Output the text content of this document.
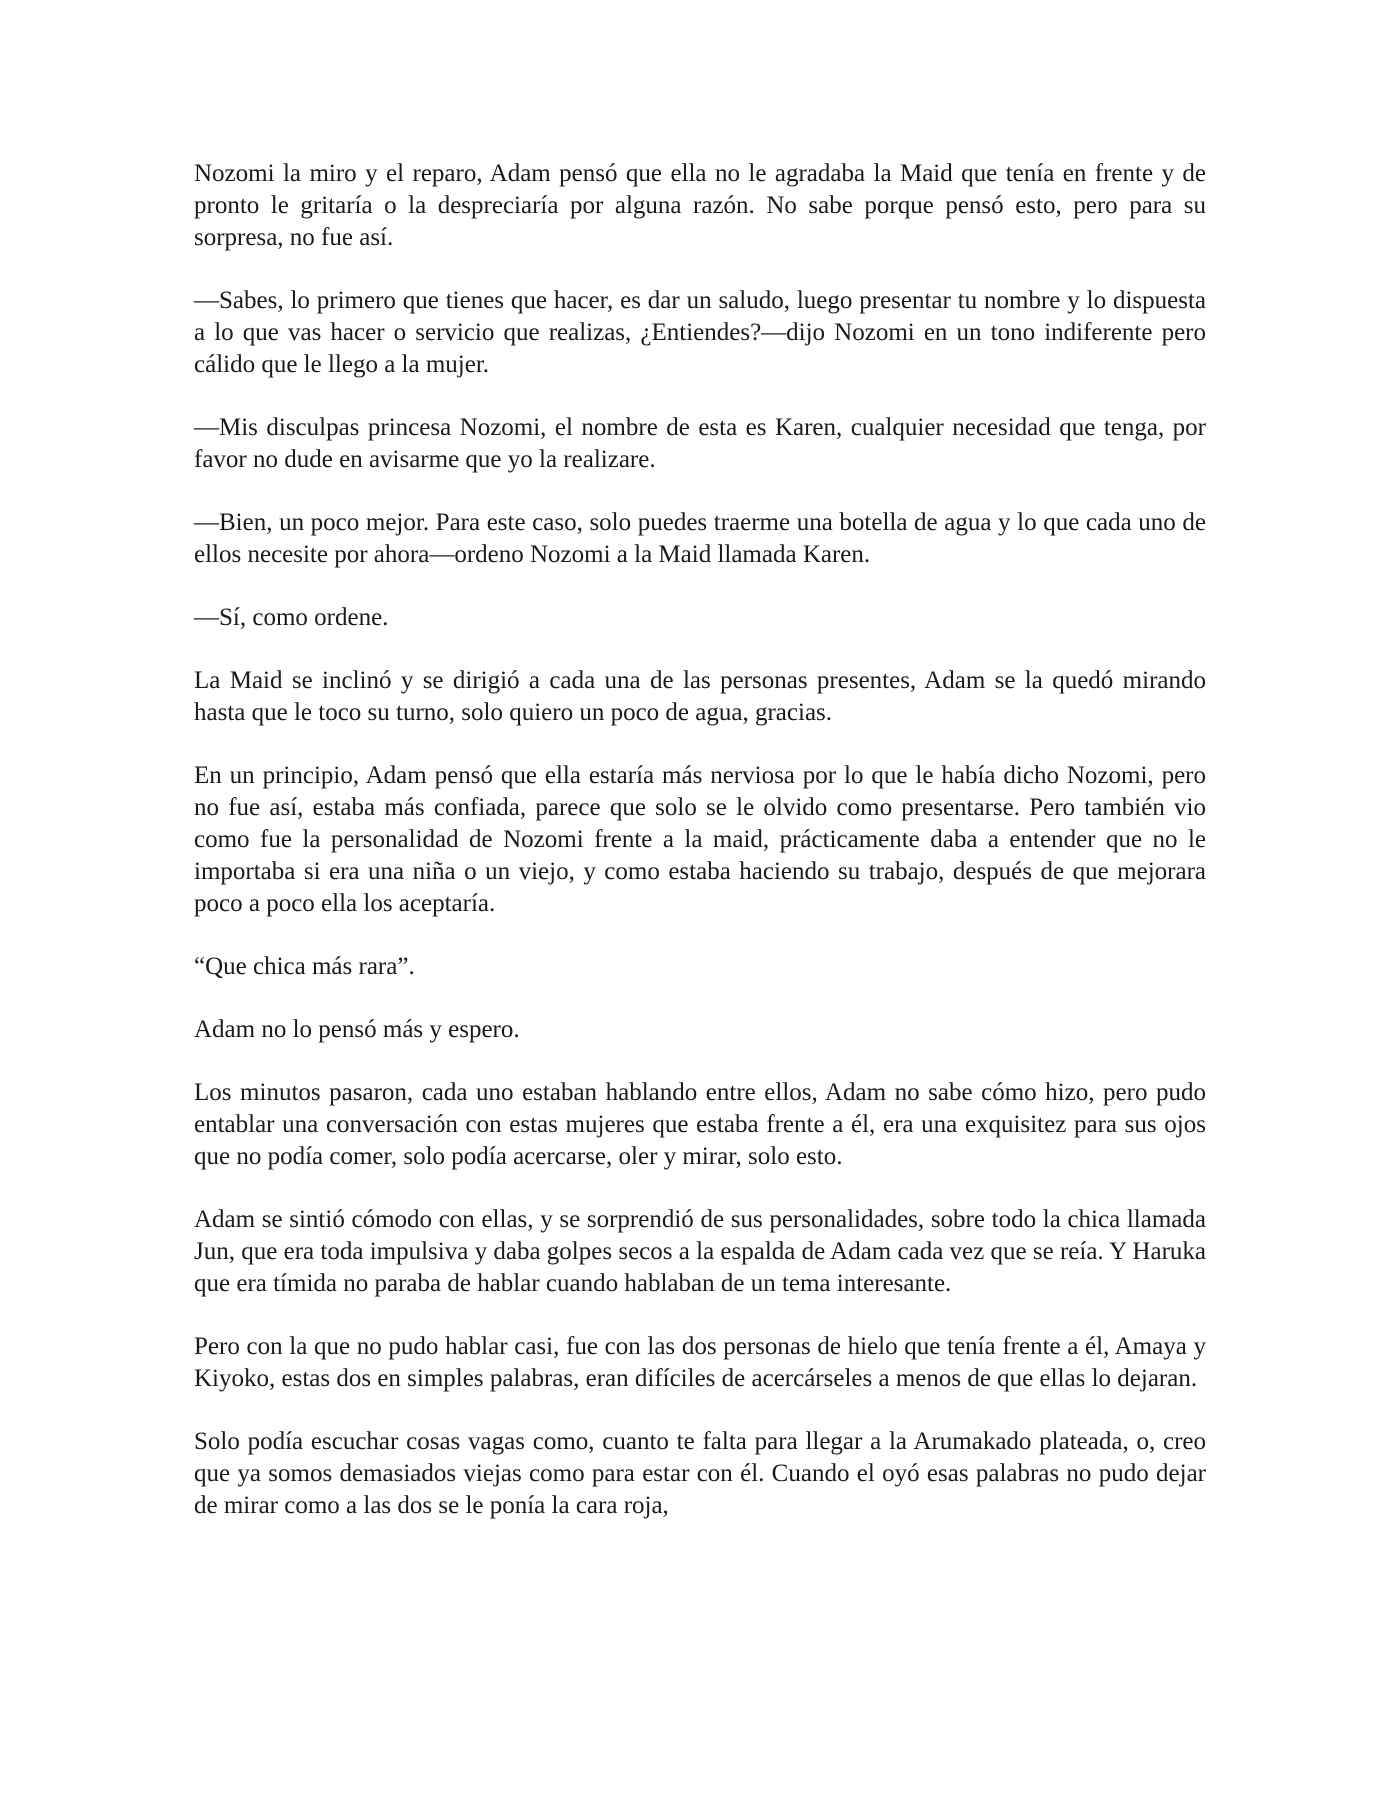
Nozomi la miro y el reparo, Adam pensó que ella no le agradaba la Maid que tenía en frente y de pronto le gritaría o la despreciaría por alguna razón. No sabe porque pensó esto, pero para su sorpresa, no fue así.

—Sabes, lo primero que tienes que hacer, es dar un saludo, luego presentar tu nombre y lo dispuesta a lo que vas hacer o servicio que realizas, ¿Entiendes?—dijo Nozomi en un tono indiferente pero cálido que le llego a la mujer.

—Mis disculpas princesa Nozomi, el nombre de esta es Karen, cualquier necesidad que tenga, por favor no dude en avisarme que yo la realizare.

—Bien, un poco mejor. Para este caso, solo puedes traerme una botella de agua y lo que cada uno de ellos necesite por ahora—ordeno Nozomi a la Maid llamada Karen.

—Sí, como ordene.

La Maid se inclinó y se dirigió a cada una de las personas presentes, Adam se la quedó mirando hasta que le toco su turno, solo quiero un poco de agua, gracias.

En un principio, Adam pensó que ella estaría más nerviosa por lo que le había dicho Nozomi, pero no fue así, estaba más confiada, parece que solo se le olvido como presentarse. Pero también vio como fue la personalidad de Nozomi frente a la maid, prácticamente daba a entender que no le importaba si era una niña o un viejo, y como estaba haciendo su trabajo, después de que mejorara poco a poco ella los aceptaría.

“Que chica más rara”.

Adam no lo pensó más y espero.

Los minutos pasaron, cada uno estaban hablando entre ellos, Adam no sabe cómo hizo, pero pudo entablar una conversación con estas mujeres que estaba frente a él, era una exquisitez para sus ojos que no podía comer, solo podía acercarse, oler y mirar, solo esto.

Adam se sintió cómodo con ellas, y se sorprendió de sus personalidades, sobre todo la chica llamada Jun, que era toda impulsiva y daba golpes secos a la espalda de Adam cada vez que se reía. Y Haruka que era tímida no paraba de hablar cuando hablaban de un tema interesante.

Pero con la que no pudo hablar casi, fue con las dos personas de hielo que tenía frente a él, Amaya y Kiyoko, estas dos en simples palabras, eran difíciles de acercárseles a menos de que ellas lo dejaran.

Solo podía escuchar cosas vagas como, cuanto te falta para llegar a la Arumakado plateada, o, creo que ya somos demasiados viejas como para estar con él. Cuando el oyó esas palabras no pudo dejar de mirar como a las dos se le ponía la cara roja,
